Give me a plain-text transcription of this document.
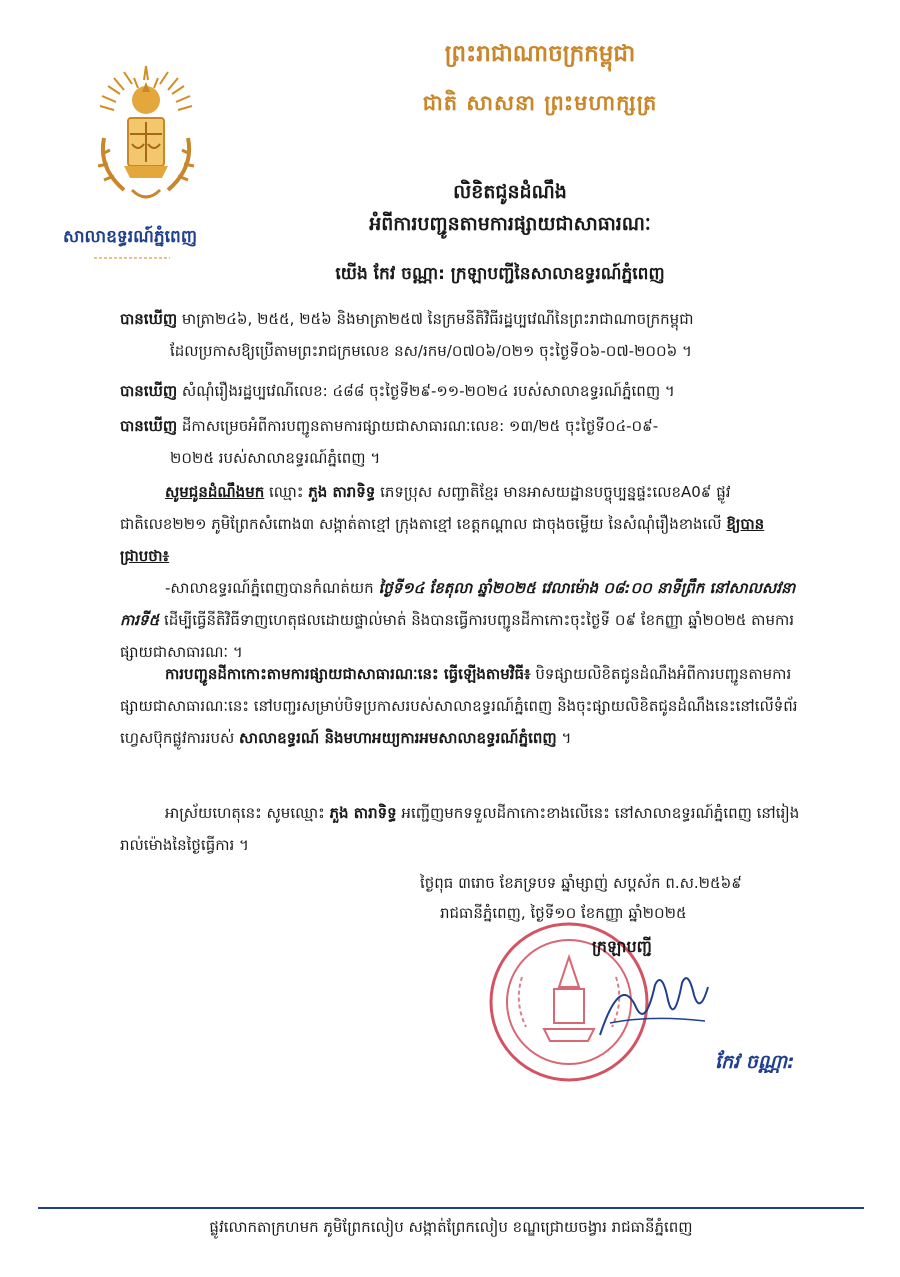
សាលាឧទ្ធរណ៍ភ្នំពេញ
ព្រះរាជាណាចក្រកម្ពុជា
ជាតិ សាសនា ព្រះមហាក្សត្រ
លិខិតជូនដំណឹង
អំពីការបញ្ជូនតាមការផ្សាយជាសាធារណៈ
យើង កែវ ចណ្ណា: ក្រឡាបញ្ជីនៃសាលាឧទ្ធរណ៍ភ្នំពេញ
បានឃើញ មាត្រា២៤៦, ២៥៥, ២៥៦ និងមាត្រា២៥៧ នៃក្រមនីតិវិធីរដ្ឋប្បវេណីនៃព្រះរាជាណាចក្រកម្ពុជា
ដែលប្រកាសឱ្យប្រើតាមព្រះរាជក្រមលេខ នស/រកម/០៧០៦/០២១ ចុះថ្ងៃទី០៦-០៧-២០០៦ ។
បានឃើញ សំណុំរឿងរដ្ឋប្បវេណីលេខ: ៤៨៨ ចុះថ្ងៃទី២៩-១១-២០២៤ របស់សាលាឧទ្ធរណ៍ភ្នំពេញ ។
បានឃើញ ដីកាសម្រេចអំពីការបញ្ជូនតាមការផ្សាយជាសាធារណៈលេខ: ១៣/២៥ ចុះថ្ងៃទី០៤-០៩-
២០២៥ របស់សាលាឧទ្ធរណ៍ភ្នំពេញ ។
សូមជូនដំណឹងមក ឈ្មោះ ភួង តារាទិទ្ធ ភេទប្រុស សញ្ជាតិខ្មែរ មានអាសយដ្ឋានបច្ចុប្បន្នផ្ទះលេខA0៩ ផ្លូវជាតិលេខ២២១ ភូមិព្រែកសំពោង៣ សង្កាត់តាខ្មៅ ក្រុងតាខ្មៅ ខេត្តកណ្ដាល ជាចុងចម្លើយ នៃសំណុំរឿងខាងលើ ឱ្យបានជ្រាបថា៖
-សាលាឧទ្ធរណ៍ភ្នំពេញបានកំណត់យក ថ្ងៃទី១៤ ខែតុលា ឆ្នាំ២០២៥ វេលាម៉ោង ០៨:០០ នាទីព្រឹក នៅសាលសវនាការទី៥ ដើម្បីធ្វើនីតិវិធីទាញហេតុផលដោយផ្ទាល់មាត់ និងបានធ្វើការបញ្ជូនដីកាកោះចុះថ្ងៃទី ០៩ ខែកញ្ញា ឆ្នាំ២០២៥ តាមការផ្សាយជាសាធារណៈ ។
ការបញ្ជូនដីកាកោះតាមការផ្សាយជាសាធារណៈនេះ ធ្វើឡើងតាមវិធី៖ បិទផ្សាយលិខិតជូនដំណឹងអំពីការបញ្ជូនតាមការផ្សាយជាសាធារណៈនេះ នៅបញ្ជរសម្រាប់បិទប្រកាសរបស់សាលាឧទ្ធរណ៍ភ្នំពេញ និងចុះផ្សាយលិខិតជូនដំណឹងនេះនៅលើទំព័រហ្វេសប៊ុកផ្លូវការរបស់ សាលាឧទ្ធរណ៍ និងមហាអយ្យការអមសាលាឧទ្ធរណ៍ភ្នំពេញ ។
អាស្រ័យហេតុនេះ សូមឈ្មោះ ភួង តារាទិទ្ធ អញ្ជើញមកទទួលដីកាកោះខាងលើនេះ នៅសាលាឧទ្ធរណ៍ភ្នំពេញ នៅរៀងរាល់ម៉ោងនៃថ្ងៃធ្វើការ ។
ថ្ងៃពុធ ៣រោច ខែភទ្របទ ឆ្នាំម្សាញ់ សប្តស័ក ព.ស.២៥៦៩
រាជធានីភ្នំពេញ, ថ្ងៃទី១០ ខែកញ្ញា ឆ្នាំ២០២៥
ក្រឡាបញ្ជី
កែវ ចណ្ណា:
ផ្លូវលោកតាក្រហមក ភូមិព្រែកលៀប សង្កាត់ព្រែកលៀប ខណ្ឌជ្រោយចង្វារ រាជធានីភ្នំពេញ
